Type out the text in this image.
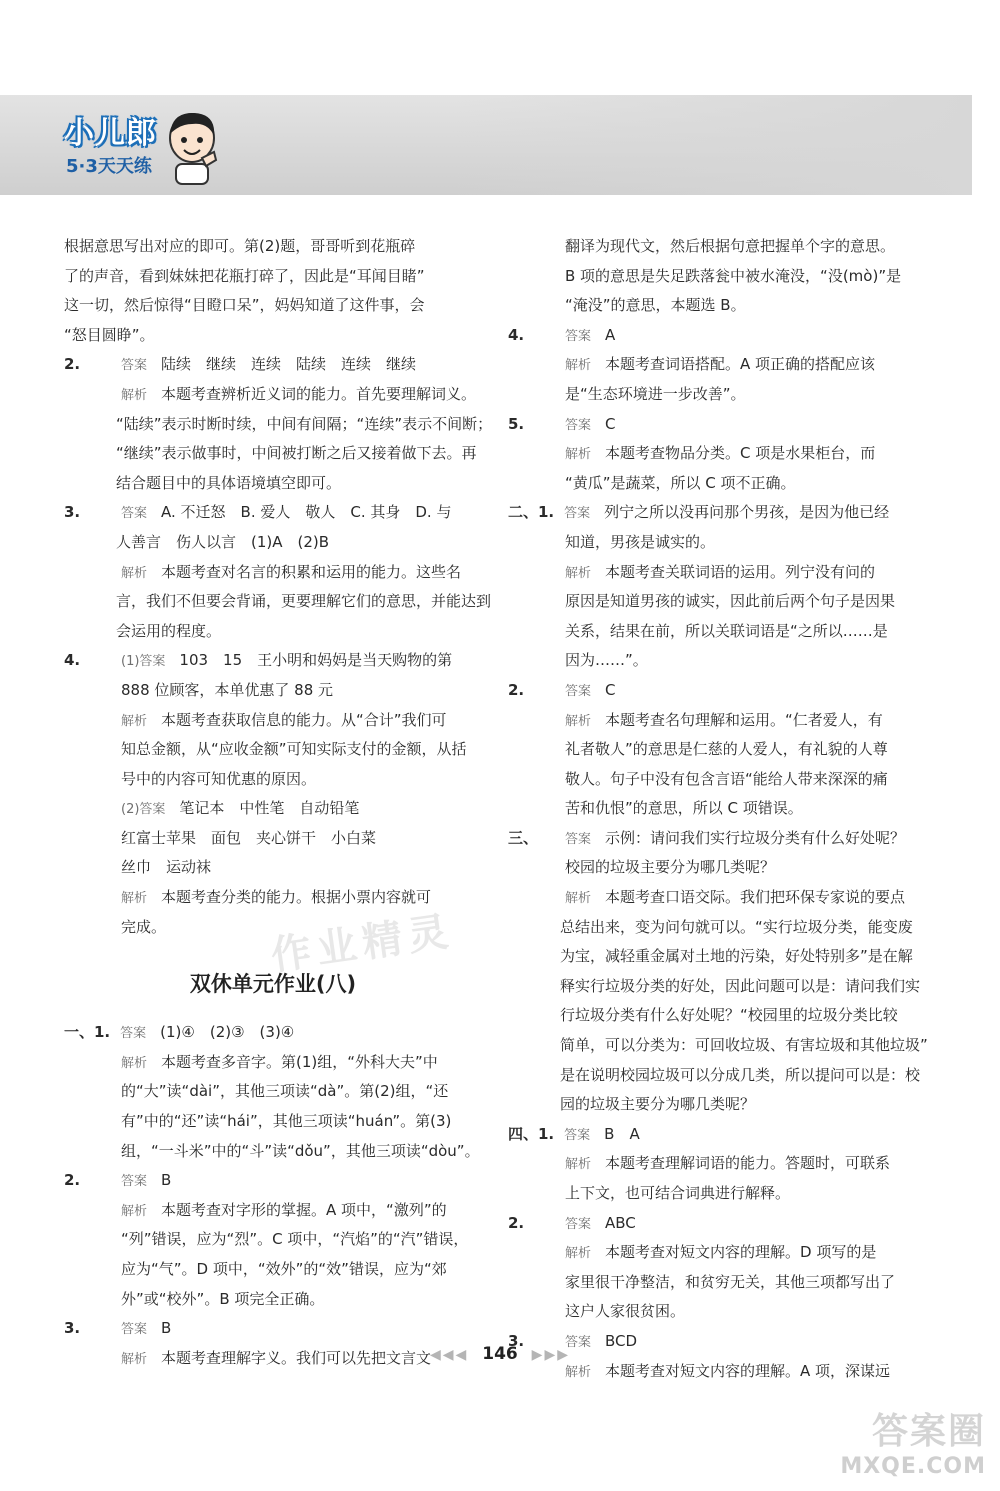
小儿郎
5·3天天练
根据意思写出对应的即可。第(2)题，哥哥听到花瓶碎
了的声音，看到妹妹把花瓶打碎了，因此是“耳闻目睹”
这一切，然后惊得“目瞪口呆”，妈妈知道了这件事，会
“怒目圆睁”。
2.	答案 陆续　继续　连续　陆续　连续　继续
解析 本题考查辨析近义词的能力。首先要理解词义。
“陆续”表示时断时续，中间有间隔；“连续”表示不间断；
“继续”表示做事时，中间被打断之后又接着做下去。再
结合题目中的具体语境填空即可。
3.	答案 A. 不迁怒　B. 爱人　敬人　C. 其身　D. 与
人善言　伤人以言　(1)A　(2)B
解析 本题考查对名言的积累和运用的能力。这些名
言，我们不但要会背诵，更要理解它们的意思，并能达到
会运用的程度。
4.	(1)答案 103　15　王小明和妈妈是当天购物的第
888 位顾客，本单优惠了 88 元
解析 本题考查获取信息的能力。从“合计”我们可
知总金额，从“应收金额”可知实际支付的金额，从括
号中的内容可知优惠的原因。
(2)答案 笔记本　中性笔　自动铅笔
红富士苹果　面包　夹心饼干　小白菜
丝巾　运动袜
解析 本题考查分类的能力。根据小票内容就可
完成。
双休单元作业(八)
一、1. 答案 (1)④　(2)③　(3)④
解析 本题考查多音字。第(1)组，“外科大夫”中
的“大”读“dài”，其他三项读“dà”。第(2)组，“还
有”中的“还”读“hái”，其他三项读“huán”。第(3)
组，“一斗米”中的“斗”读“dǒu”，其他三项读“dòu”。
2.	答案 B
解析 本题考查对字形的掌握。A 项中，“激列”的
“列”错误，应为“烈”。C 项中，“汽焰”的“汽”错误，
应为“气”。D 项中，“效外”的“效”错误，应为“郊
外”或“校外”。B 项完全正确。
3.	答案 B
解析 本题考查理解字义。我们可以先把文言文
翻译为现代文，然后根据句意把握单个字的意思。
B 项的意思是失足跌落瓮中被水淹没，“没(mò)”是
“淹没”的意思，本题选 B。
4.	答案 A
解析 本题考查词语搭配。A 项正确的搭配应该
是“生态环境进一步改善”。
5.	答案 C
解析 本题考查物品分类。C 项是水果柜台，而
“黄瓜”是蔬菜，所以 C 项不正确。
二、1. 答案 列宁之所以没再问那个男孩，是因为他已经
知道，男孩是诚实的。
解析 本题考查关联词语的运用。列宁没有问的
原因是知道男孩的诚实，因此前后两个句子是因果
关系，结果在前，所以关联词语是“之所以……是
因为……”。
2.	答案 C
解析 本题考查名句理解和运用。“仁者爱人，有
礼者敬人”的意思是仁慈的人爱人，有礼貌的人尊
敬人。句子中没有包含言语“能给人带来深深的痛
苦和仇恨”的意思，所以 C 项错误。
三、 答案 示例：请问我们实行垃圾分类有什么好处呢？
校园的垃圾主要分为哪几类呢？
解析 本题考查口语交际。我们把环保专家说的要点
总结出来，变为问句就可以。“实行垃圾分类，能变废
为宝，减轻重金属对土地的污染，好处特别多”是在解
释实行垃圾分类的好处，因此问题可以是：请问我们实
行垃圾分类有什么好处呢？“校园里的垃圾分类比较
简单，可以分类为：可回收垃圾、有害垃圾和其他垃圾”
是在说明校园垃圾可以分成几类，所以提问可以是：校
园的垃圾主要分为哪几类呢？
四、1. 答案 B　A
解析 本题考查理解词语的能力。答题时，可联系
上下文，也可结合词典进行解释。
2.	答案 ABC
解析 本题考查对短文内容的理解。D 项写的是
家里很干净整洁，和贫穷无关，其他三项都写出了
这户人家很贫困。
3.	答案 BCD
解析 本题考查对短文内容的理解。A 项，深谋远
作业精灵
◀◀◀ 146 ▶▶▶
答案圈
MXQE.COM
